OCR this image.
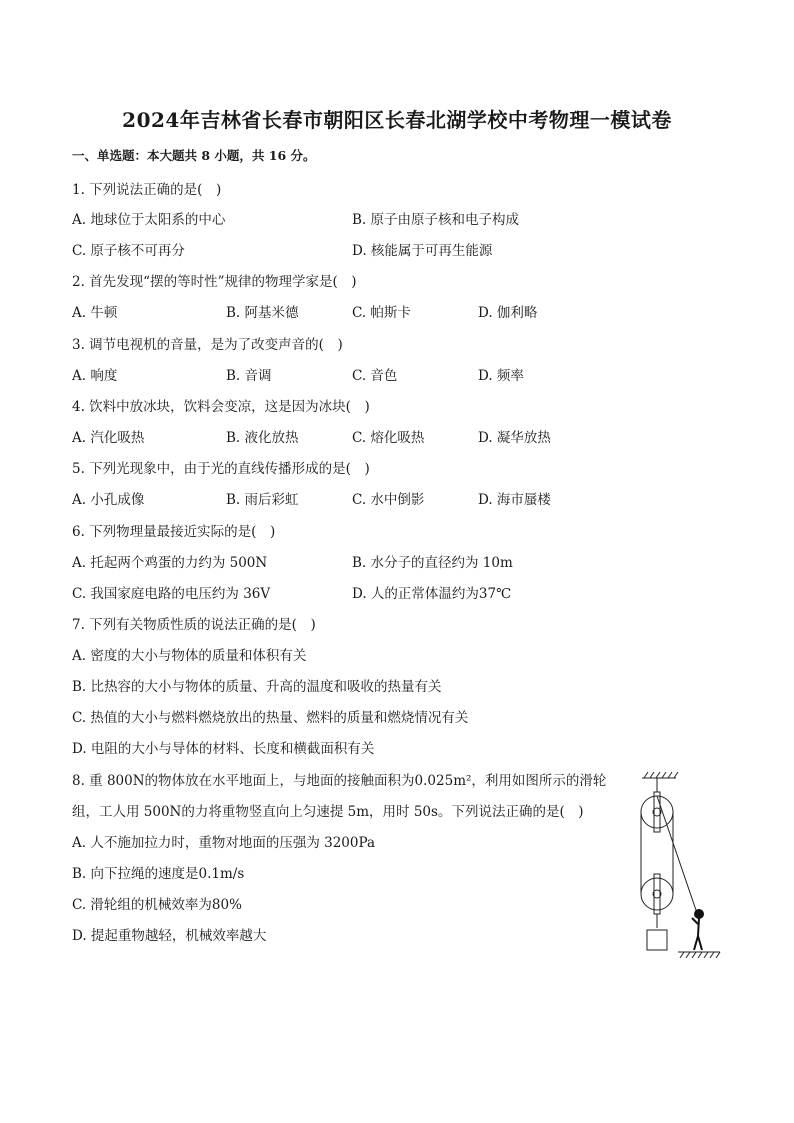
2024年吉林省长春市朝阳区长春北湖学校中考物理一模试卷
一、单选题：本大题共 8 小题，共 16 分。
1. 下列说法正确的是(　)
A. 地球位于太阳系的中心	B. 原子由原子核和电子构成
C. 原子核不可再分	D. 核能属于可再生能源
2. 首先发现“摆的等时性”规律的物理学家是(　)
A. 牛顿	B. 阿基米德	C. 帕斯卡	D. 伽利略
3. 调节电视机的音量，是为了改变声音的(　)
A. 响度	B. 音调	C. 音色	D. 频率
4. 饮料中放冰块，饮料会变凉，这是因为冰块(　)
A. 汽化吸热	B. 液化放热	C. 熔化吸热	D. 凝华放热
5. 下列光现象中，由于光的直线传播形成的是(　)
A. 小孔成像	B. 雨后彩虹	C. 水中倒影	D. 海市蜃楼
6. 下列物理量最接近实际的是(　)
A. 托起两个鸡蛋的力约为 500N	B. 水分子的直径约为 10m
C. 我国家庭电路的电压约为 36V	D. 人的正常体温约为37℃
7. 下列有关物质性质的说法正确的是(　)
A. 密度的大小与物体的质量和体积有关
B. 比热容的大小与物体的质量、升高的温度和吸收的热量有关
C. 热值的大小与燃料燃烧放出的热量、燃料的质量和燃烧情况有关
D. 电阻的大小与导体的材料、长度和横截面积有关
8. 重 800N的物体放在水平地面上，与地面的接触面积为0.025m²，利用如图所示的滑轮
组，工人用 500N的力将重物竖直向上匀速提 5m，用时 50s。下列说法正确的是(　)
A. 人不施加拉力时，重物对地面的压强为 3200Pa
B. 向下拉绳的速度是0.1m/s
C. 滑轮组的机械效率为80%
D. 提起重物越轻，机械效率越大
